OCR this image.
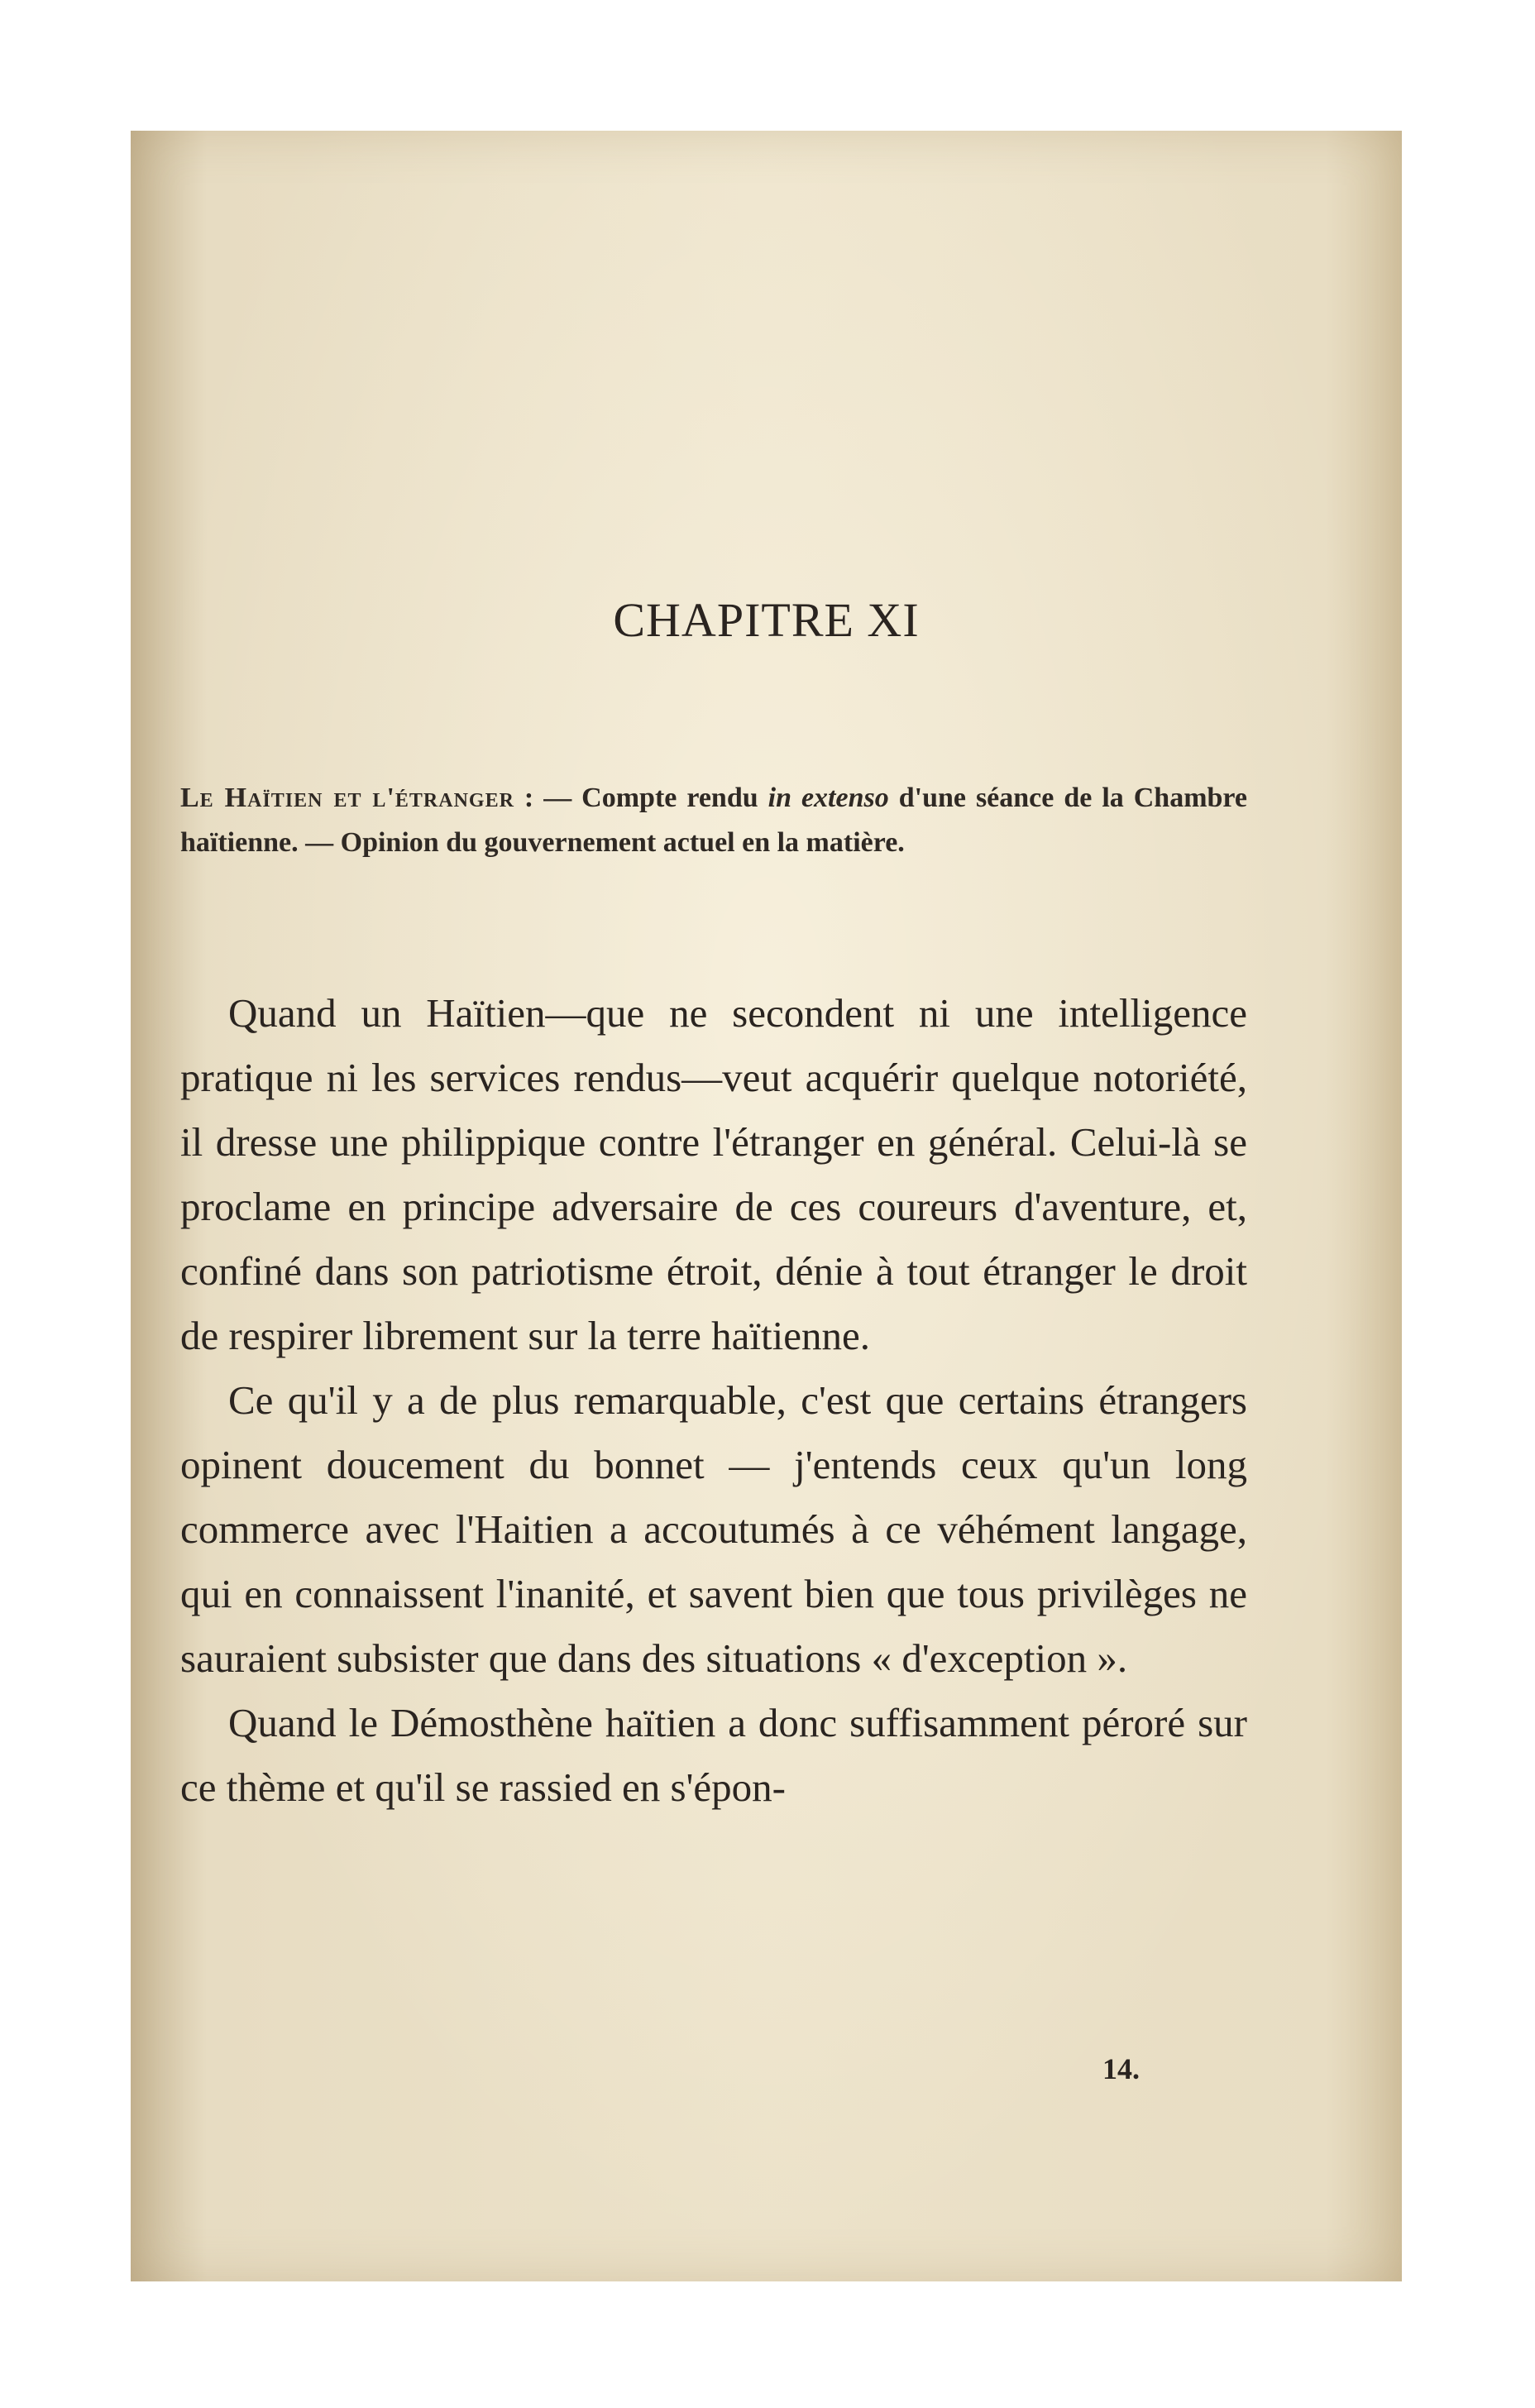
CHAPITRE XI
Le Haïtien et l'étranger : — Compte rendu in extenso d'une séance de la Chambre haïtienne. — Opinion du gouvernement actuel en la matière.

Quand un Haïtien—que ne secondent ni une intelligence pratique ni les services rendus—veut acquérir quelque notoriété, il dresse une philippique contre l'étranger en général. Celui-là se proclame en principe adversaire de ces coureurs d'aventure, et, confiné dans son patriotisme étroit, dénie à tout étranger le droit de respirer librement sur la terre haïtienne.

Ce qu'il y a de plus remarquable, c'est que certains étrangers opinent doucement du bonnet — j'entends ceux qu'un long commerce avec l'Haitien a accoutumés à ce véhément langage, qui en connaissent l'inanité, et savent bien que tous privilèges ne sauraient subsister que dans des situations « d'exception ».

Quand le Démosthène haïtien a donc suffisamment péroré sur ce thème et qu'il se rassied en s'épon-

14.
